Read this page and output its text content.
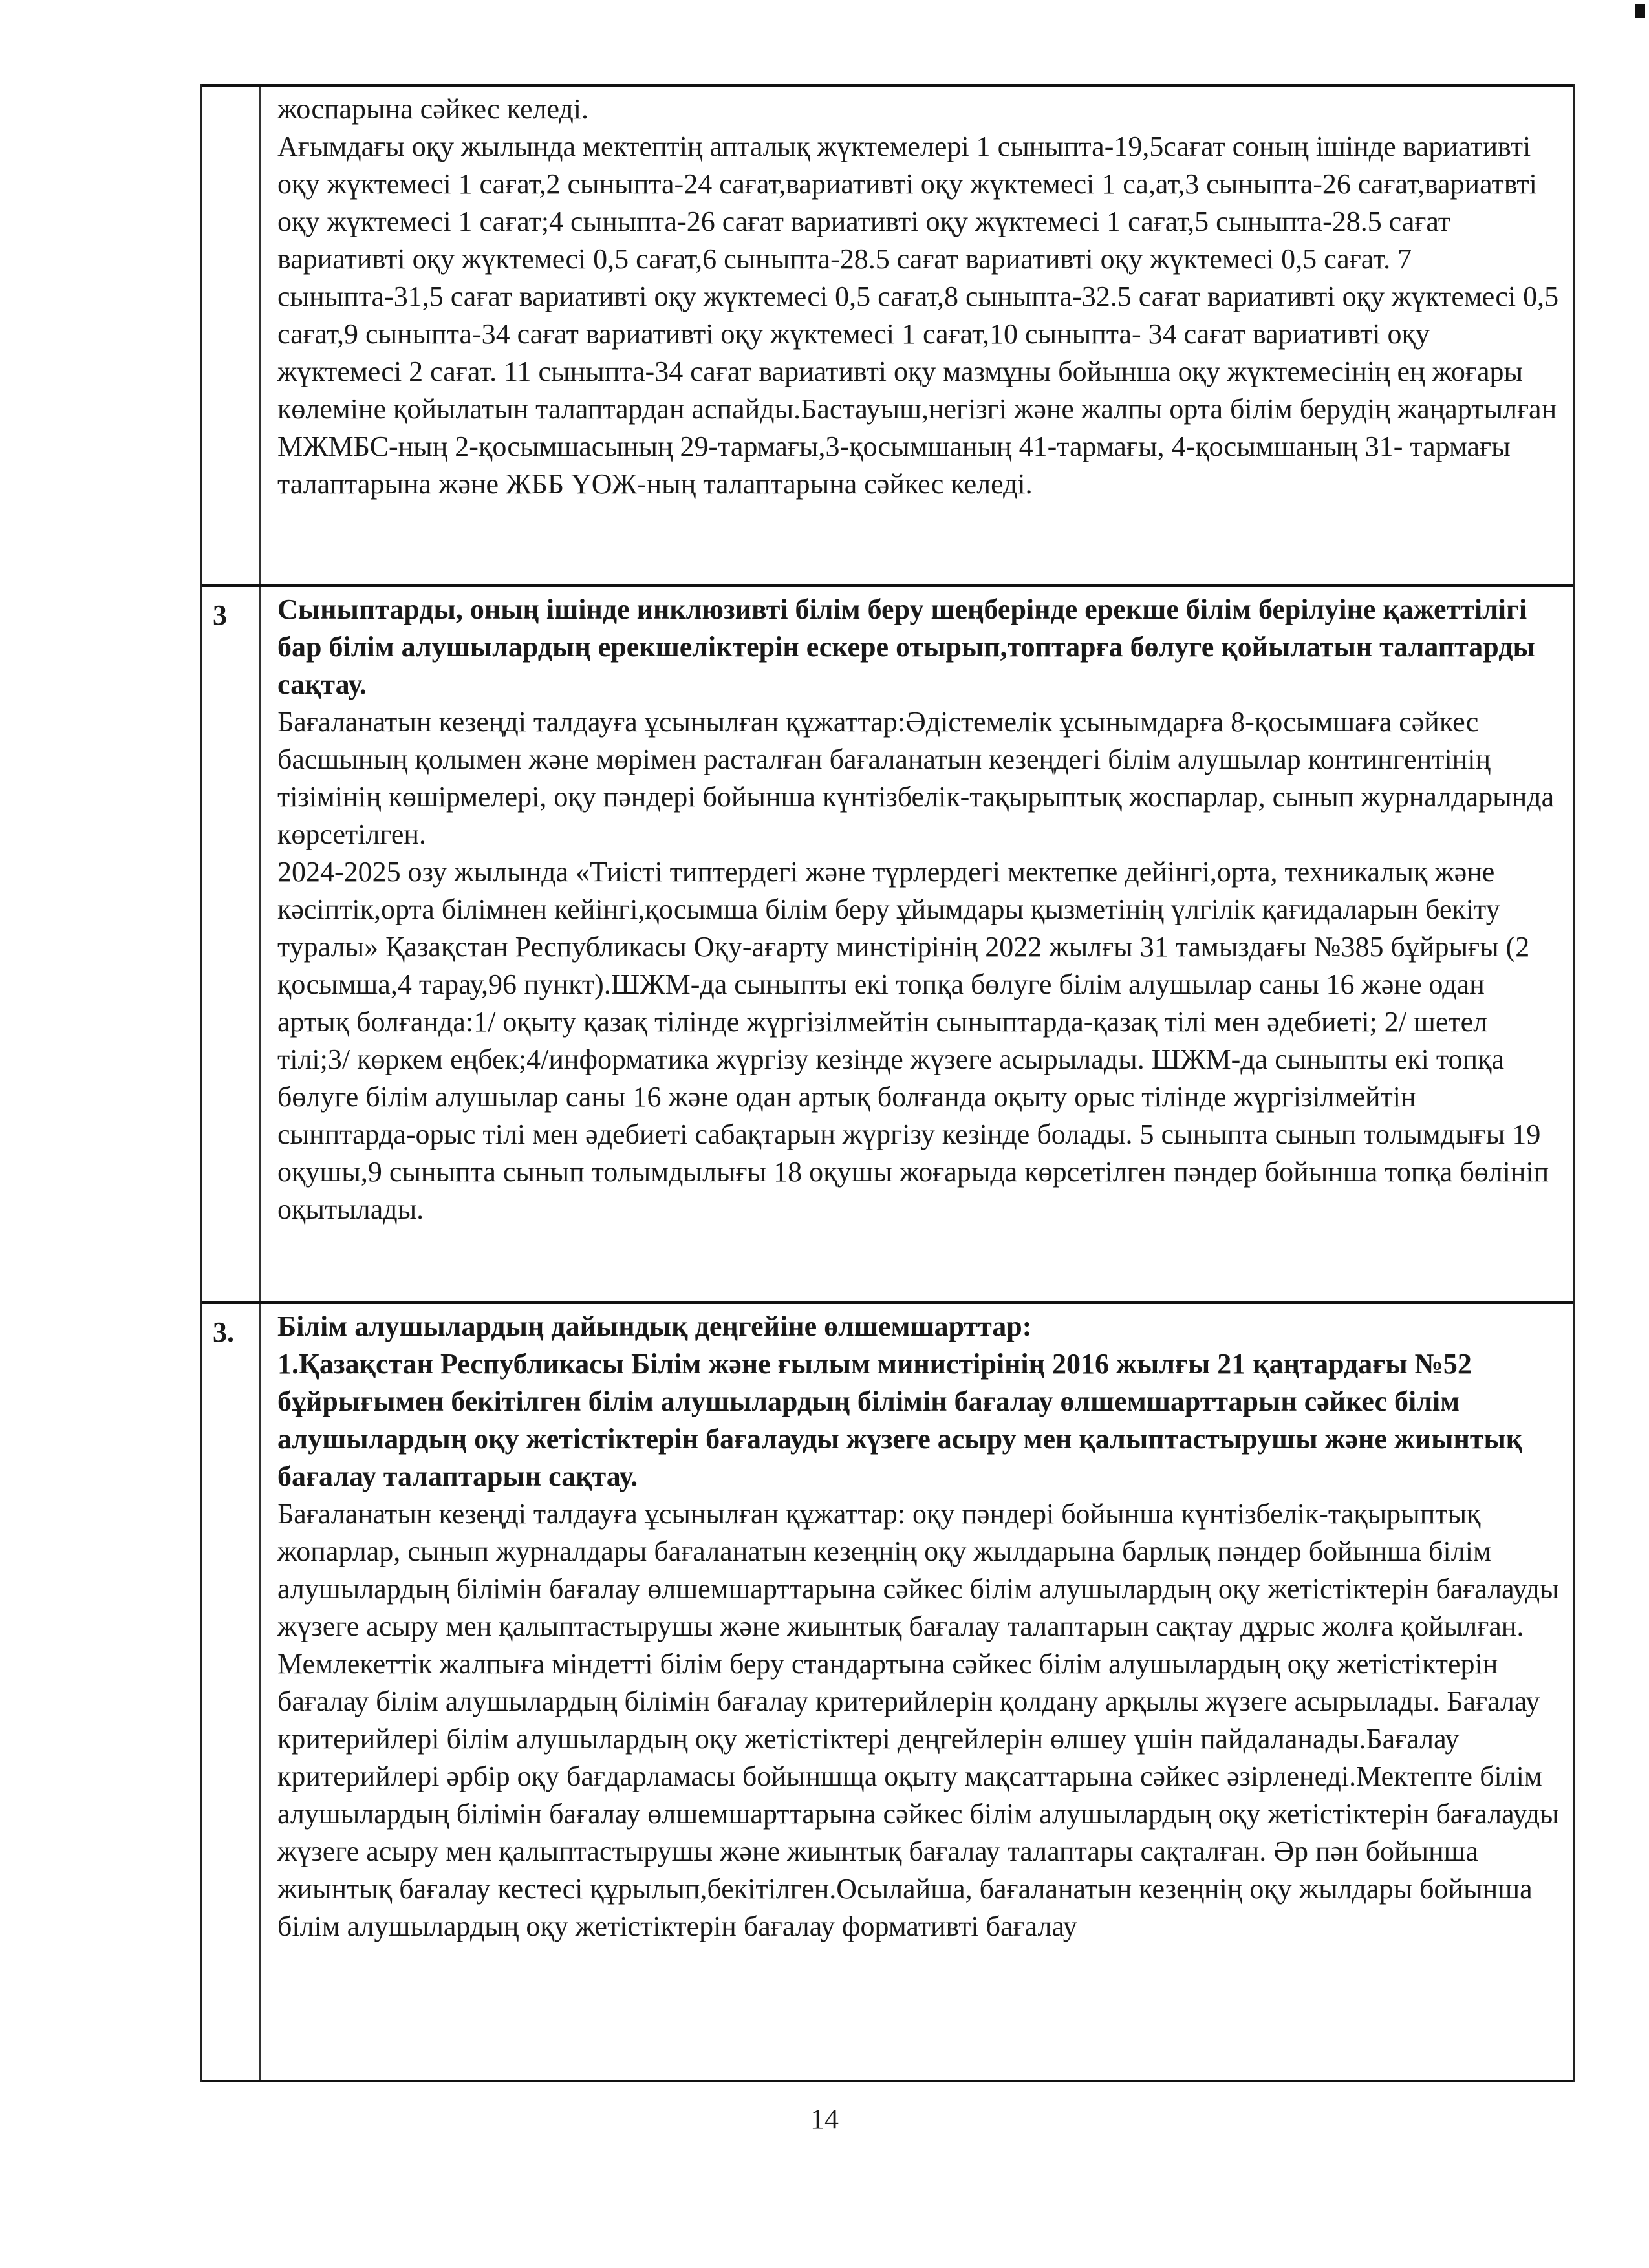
жоспарына сәйкес келеді.

Ағымдағы оқу жылында мектептің апталық жүктемелері 1 сыныпта-19,5сағат соның ішінде вариативті оқу жүктемесі 1 сағат,2 сыныпта-24 сағат,вариативті оқу жүктемесі 1 са,ат,3 сыныпта-26 сағат,вариатвті оқу жүктемесі 1 сағат;4 сыныпта-26 сағат вариативті оқу жүктемесі 1 сағат,5 сыныпта-28.5 сағат вариативті оқу жүктемесі 0,5 сағат,6 сыныпта-28.5 сағат вариативті оқу жүктемесі 0,5 сағат. 7 сыныпта-31,5 сағат вариативті оқу жүктемесі 0,5 сағат,8 сыныпта-32.5 сағат вариативті оқу жүктемесі 0,5 сағат,9 сыныпта-34 сағат вариативті оқу жүктемесі 1 сағат,10 сыныпта- 34 сағат вариативті оқу жүктемесі 2 сағат. 11 сыныпта-34 сағат вариативті оқу мазмұны бойынша оқу жүктемесінің ең жоғары көлеміне қойылатын талаптардан аспайды.Бастауыш,негізгі және жалпы орта білім берудің жаңартылған МЖМБС-ның 2-қосымшасының 29-тармағы,3-қосымшаның 41-тармағы, 4-қосымшаның 31- тармағы талаптарына және ЖББ ҮОЖ-ның талаптарына сәйкес келеді.

3	Сыныптарды, оның ішінде инклюзивті білім беру шеңберінде ерекше білім берілуіне қажеттілігі бар білім алушылардың ерекшеліктерін ескере отырып,топтарға бөлуге қойылатын талаптарды сақтау.

Бағаланатын кезеңді талдауға ұсынылған құжаттар:Әдістемелік ұсынымдарға 8-қосымшаға сәйкес басшының қолымен және мөрімен расталған бағаланатын кезеңдегі білім алушылар контингентінің тізімінің көшірмелері, оқу пәндері бойынша күнтізбелік-тақырыптық жоспарлар, сынып журналдарында көрсетілген.

2024-2025 озу жылында «Тиісті типтердегі және түрлердегі мектепке дейінгі,орта, техникалық және кәсіптік,орта білімнен кейінгі,қосымша білім беру ұйымдары қызметінің үлгілік қағидаларын бекіту туралы» Қазақстан Республикасы Оқу-ағарту минстірінің 2022 жылғы 31 тамыздағы №385 бұйрығы (2 қосымша,4 тарау,96 пункт).ШЖМ-да сыныпты екі топқа бөлуге білім алушылар саны 16 және одан артық болғанда:1/ оқыту қазақ тілінде жүргізілмейтін сыныптарда-қазақ тілі мен әдебиеті; 2/ шетел тілі;3/ көркем еңбек;4/информатика жүргізу кезінде жүзеге асырылады. ШЖМ-да сыныпты екі топқа бөлуге білім алушылар саны 16 және одан артық болғанда оқыту орыс тілінде жүргізілмейтін сынптарда-орыс тілі мен әдебиеті сабақтарын жүргізу кезінде болады. 5 сыныпта сынып толымдығы 19 оқушы,9 сыныпта сынып толымдылығы 18 оқушы жоғарыда көрсетілген пәндер бойынша топқа бөлініп оқытылады.

3.	Білім алушылардың дайындық деңгейіне өлшемшарттар:

1.Қазақстан Республикасы Білім және ғылым министірінің 2016 жылғы 21 қаңтардағы №52 бұйрығымен бекітілген білім алушылардың білімін бағалау өлшемшарттарын сәйкес білім алушылардың оқу жетістіктерін бағалауды жүзеге асыру мен қалыптастырушы және жиынтық бағалау талаптарын сақтау.

Бағаланатын кезеңді талдауға ұсынылған құжаттар: оқу пәндері бойынша күнтізбелік-тақырыптық жопарлар, сынып журналдары бағаланатын кезеңнің оқу жылдарына барлық пәндер бойынша білім алушылардың білімін бағалау өлшемшарттарына сәйкес білім алушылардың оқу жетістіктерін бағалауды жүзеге асыру мен қалыптастырушы және жиынтық бағалау талаптарын сақтау дұрыс жолға қойылған. Мемлекеттік жалпыға міндетті білім беру стандартына сәйкес білім алушылардың оқу жетістіктерін бағалау білім алушылардың білімін бағалау критерийлерін қолдану арқылы жүзеге асырылады. Бағалау критерийлері білім алушылардың оқу жетістіктері деңгейлерін өлшеу үшін пайдаланады.Бағалау критерийлері әрбір оқу бағдарламасы бойыншща оқыту мақсаттарына сәйкес әзірленеді.Мектепте білім алушылардың білімін бағалау өлшемшарттарына сәйкес білім алушылардың оқу жетістіктерін бағалауды жүзеге асыру мен қалыптастырушы және жиынтық бағалау талаптары сақталған. Әр пән бойынша жиынтық бағалау кестесі құрылып,бекітілген.Осылайша, бағаланатын кезеңнің оқу жылдары бойынша білім алушылардың оқу жетістіктерін бағалау формативті бағалау

14
